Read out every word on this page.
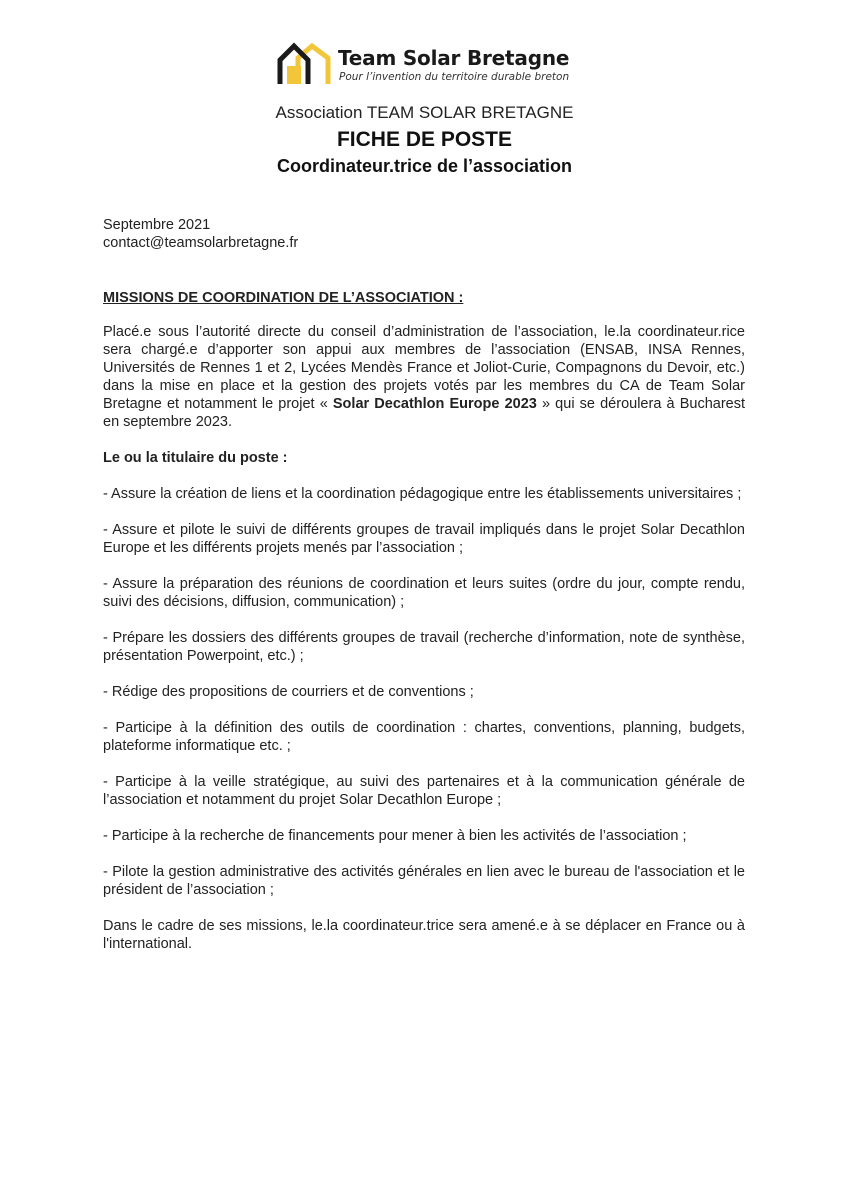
Team Solar Bretagne
Pour l’invention du territoire durable breton
Association TEAM SOLAR BRETAGNE
FICHE DE POSTE
Coordinateur.trice de l’association
Septembre 2021
contact@teamsolarbretagne.fr

MISSIONS DE COORDINATION DE L’ASSOCIATION :

Placé.e sous l’autorité directe du conseil d’administration de l’association, le.la coordinateur.rice sera chargé.e d’apporter son appui aux membres de l’association (ENSAB, INSA Rennes, Universités de Rennes 1 et 2, Lycées Mendès France et Joliot-Curie, Compagnons du Devoir, etc.) dans la mise en place et la gestion des projets votés par les membres du CA de Team Solar Bretagne et notamment le projet « Solar Decathlon Europe 2023 » qui se déroulera à Bucharest en septembre 2023.

Le ou la titulaire du poste :

- Assure la création de liens et la coordination pédagogique entre les établissements universitaires ;

- Assure et pilote le suivi de différents groupes de travail impliqués dans le projet Solar Decathlon Europe et les différents projets menés par l’association ;

- Assure la préparation des réunions de coordination et leurs suites (ordre du jour, compte rendu, suivi des décisions, diffusion, communication) ;

- Prépare les dossiers des différents groupes de travail (recherche d’information, note de synthèse, présentation Powerpoint, etc.) ;

- Rédige des propositions de courriers et de conventions ;

- Participe à la définition des outils de coordination : chartes, conventions, planning, budgets, plateforme informatique etc. ;

- Participe à la veille stratégique, au suivi des partenaires et à la communication générale de l’association et notamment du projet Solar Decathlon Europe ;

- Participe à la recherche de financements pour mener à bien les activités de l’association ;

- Pilote la gestion administrative des activités générales en lien avec le bureau de l'association et le président de l’association ;

Dans le cadre de ses missions, le.la coordinateur.trice sera amené.e à se déplacer en France ou à l'international.
